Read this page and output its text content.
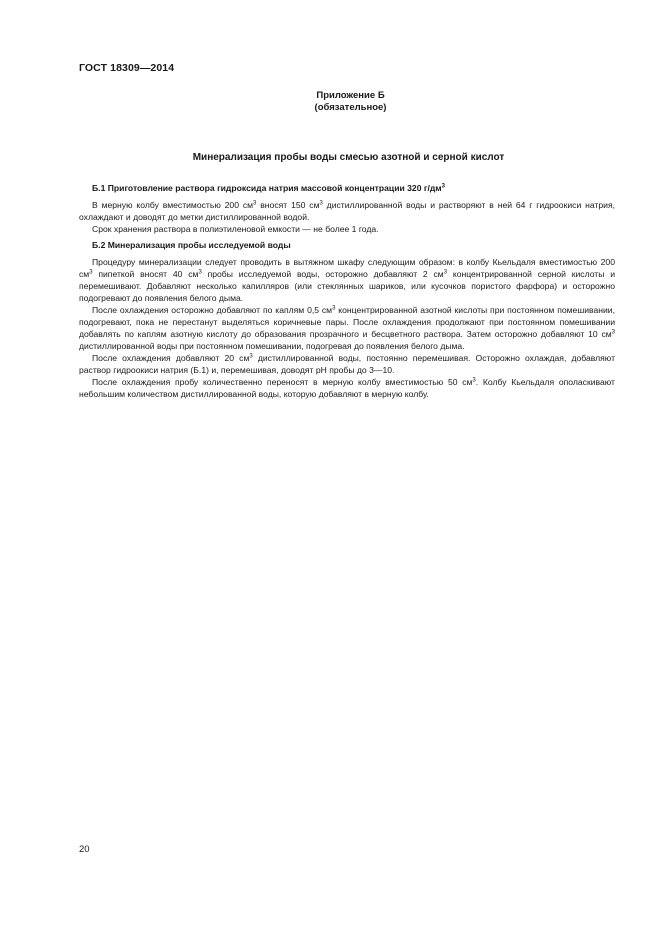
ГОСТ 18309—2014
Приложение Б
(обязательное)
Минерализация пробы воды смесью азотной и серной кислот
Б.1 Приготовление раствора гидроксида натрия массовой концентрации 320 $г/дм^3$

В мерную колбу вместимостью 200 $см^3$ вносят 150 $см^3$ дистиллированной воды и растворяют в ней 64 г гидроокиси натрия, охлаждают и доводят до метки дистиллированной водой.

Срок хранения раствора в полиэтиленовой емкости — не более 1 года.

Б.2 Минерализация пробы исследуемой воды

Процедуру минерализации следует проводить в вытяжном шкафу следующим образом: в колбу Кьельдаля вместимостью 200 $см^3$ пипеткой вносят 40 $см^3$ пробы исследуемой воды, осторожно добавляют 2 $см^3$ концентрированной серной кислоты и перемешивают. Добавляют несколько капилляров (или стеклянных шариков, или кусочков пористого фарфора) и осторожно подогревают до появления белого дыма.

После охлаждения осторожно добавляют по каплям 0,5 $см^3$ концентрированной азотной кислоты при постоянном помешивании, подогревают, пока не перестанут выделяться коричневые пары. После охлаждения продолжают при постоянном помешивании добавлять по каплям азотную кислоту до образования прозрачного и бесцветного раствора. Затем осторожно добавляют 10 $см^3$ дистиллированной воды при постоянном помешивании, подогревая до появления белого дыма.

После охлаждения добавляют 20 $см^3$ дистиллированной воды, постоянно перемешивая. Осторожно охлаждая, добавляют раствор гидроокиси натрия (Б.1) и, перемешивая, доводят pH пробы до 3—10.

После охлаждения пробу количественно переносят в мерную колбу вместимостью 50 $см^3$. Колбу Кьельдаля ополаскивают небольшим количеством дистиллированной воды, которую добавляют в мерную колбу.

20
